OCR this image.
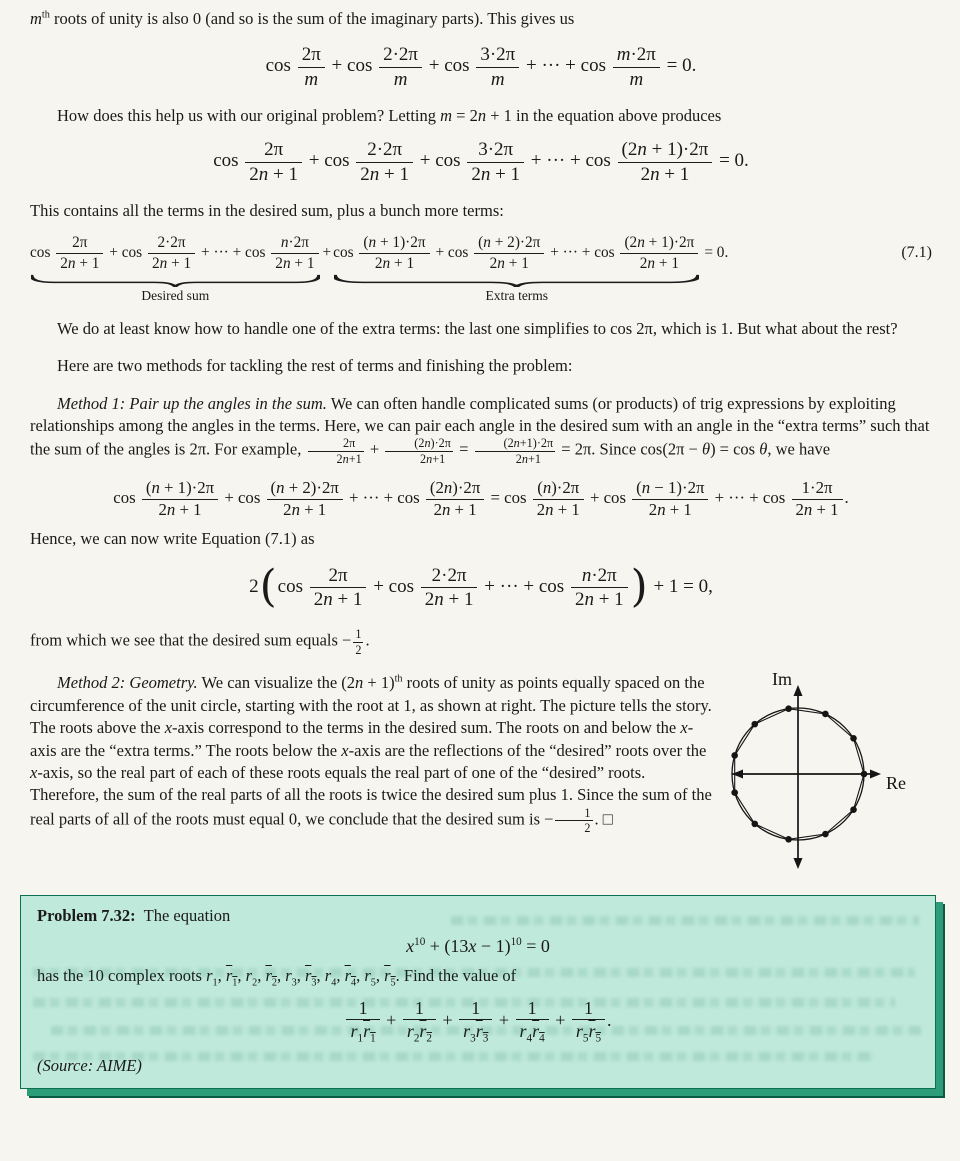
$m^{th}$ roots of unity is also 0 (and so is the sum of the imaginary parts). This gives us

$\cos \frac{2\pi}{m} + \cos \frac{2\cdot 2\pi}{m} + \cos \frac{3\cdot 2\pi}{m}$ + ··· + $\cos \frac{m\cdot 2\pi}{m} = 0$.

How does this help us with our original problem? Letting m = 2n + 1 in the equation above produces

$\cos \frac{2\pi}{2n + 1} + \cos \frac{2\cdot 2\pi}{2n + 1} + \cos \frac{3\cdot 2\pi}{2n + 1}$ + ··· + $\cos \frac{(2n + 1)\cdot 2\pi}{2n + 1} = 0$.

This contains all the terms in the desired sum, plus a bunch more terms:

$\cos \frac{2\pi}{2n + 1} + \cos \frac{2\cdot 2\pi}{2n + 1}$ + ··· + $\cos \frac{n\cdot 2\pi}{2n + 1}$
Desired sum
+ $\cos \frac{(n + 1)\cdot 2\pi}{2n + 1} + \cos \frac{(n + 2)\cdot 2\pi}{2n + 1}$ + ··· + $\cos \frac{(2n + 1)\cdot 2\pi}{2n + 1}$
Extra terms
= 0.	(7.1)

We do at least know how to handle one of the extra terms: the last one simplifies to cos 2π, which is 1. But what about the rest?

Here are two methods for tackling the rest of terms and finishing the problem:

Method 1: Pair up the angles in the sum. We can often handle complicated sums (or products) of trig expressions by exploiting relationships among the angles in the terms. Here, we can pair each angle in the desired sum with an angle in the “extra terms” such that the sum of the angles is 2π. For example, $\frac{2\pi}{2n+1} + \frac{(2n)\cdot 2\pi}{2n+1} = \frac{(2n+1)\cdot 2\pi}{2n+1} = 2\pi$. Since cos(2π − θ) = cos θ, we have

$\cos \frac{(n + 1)\cdot 2\pi}{2n + 1} + \cos \frac{(n + 2)\cdot 2\pi}{2n + 1}$ + ··· + $\cos \frac{(2n)\cdot 2\pi}{2n + 1} = \cos \frac{(n)\cdot 2\pi}{2n + 1} + \cos \frac{(n - 1)\cdot 2\pi}{2n + 1}$ + ··· + $\cos \frac{1\cdot 2\pi}{2n + 1}$ .

Hence, we can now write Equation (7.1) as

$2(\cos \frac{2\pi}{2n + 1} + \cos \frac{2\cdot 2\pi}{2n + 1}$ + ··· + $\cos \frac{n\cdot 2\pi}{2n + 1}$ ) + 1 = 0,

from which we see that the desired sum equals − $\frac{1}{2}$ .

Im
Re

Method 2: Geometry. We can visualize the $(2n + 1)^{th}$ roots of unity as points equally spaced on the circumference of the unit circle, starting with the root at 1, as shown at right. The picture tells the story. The roots above the x-axis correspond to the terms in the desired sum. The roots on and below the x-axis are the “extra terms.” The roots below the x-axis are the reflections of the “desired” roots over the x-axis, so the real part of each of these roots equals the real part of one of the “desired” roots. Therefore, the sum of the real parts of all the roots is twice the desired sum plus 1. Since the sum of the real parts of all of the roots must equal 0, we conclude that the desired sum is − $\frac{1}{2}$ . □

Problem 7.32: The equation

$x^{10} + (13x - 1)^{10} = 0$

has the 10 complex roots $r_1$, $r_1$, $r_2$, $r_2$, $r_3$, $r_3$, $r_4$, $r_4$, $r_5$, $r_5$. Find the value of

$\frac{1}{r_1r_1} + \frac{1}{r_2r_2} + \frac{1}{r_3r_3} + \frac{1}{r_4r_4} + \frac{1}{r_5r_5}$ .

(Source: AIME)
